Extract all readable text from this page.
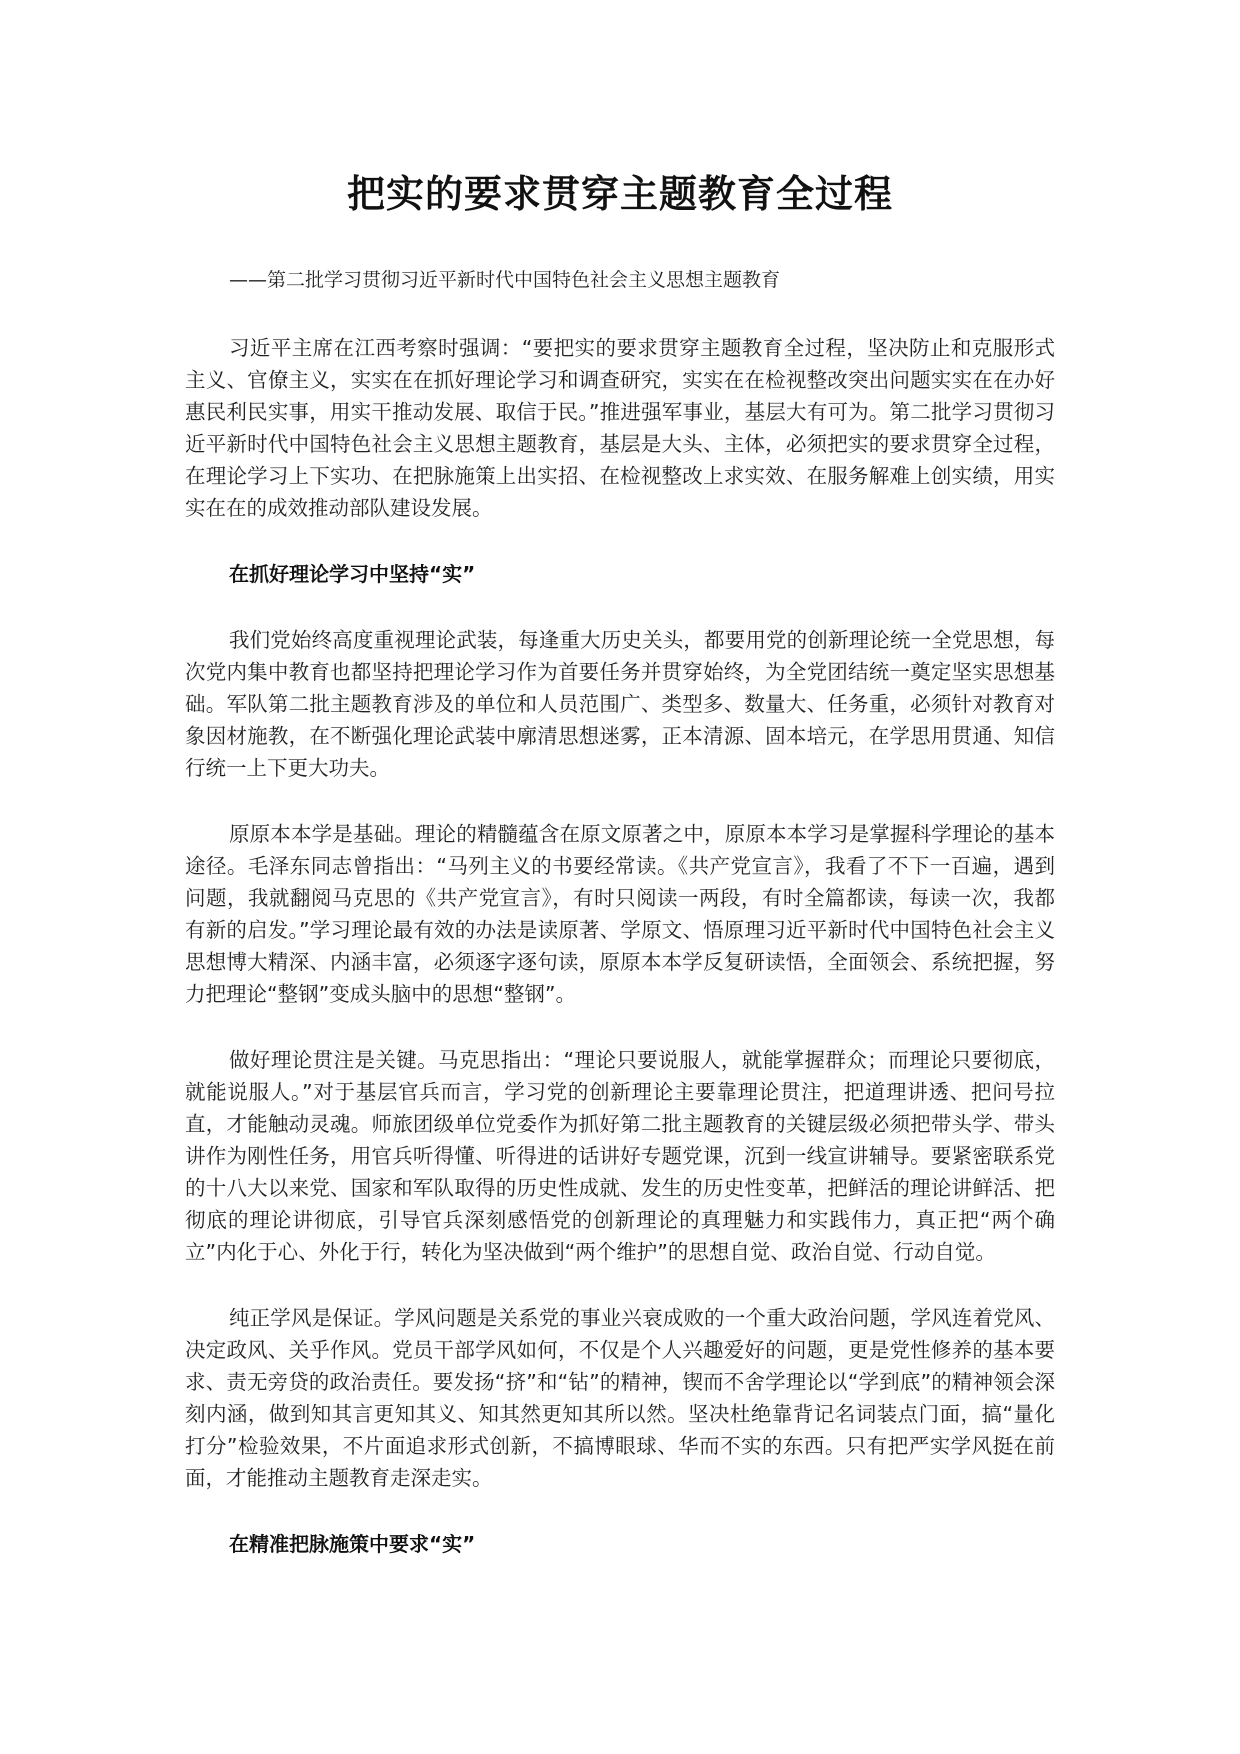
把实的要求贯穿主题教育全过程
——第二批学习贯彻习近平新时代中国特色社会主义思想主题教育

习近平主席在江西考察时强调：“要把实的要求贯穿主题教育全过程，坚决防止和克服形式主义、官僚主义，实实在在抓好理论学习和调查研究，实实在在检视整改突出问题实实在在办好惠民利民实事，用实干推动发展、取信于民。”推进强军事业，基层大有可为。第二批学习贯彻习近平新时代中国特色社会主义思想主题教育，基层是大头、主体，必须把实的要求贯穿全过程，在理论学习上下实功、在把脉施策上出实招、在检视整改上求实效、在服务解难上创实绩，用实实在在的成效推动部队建设发展。

在抓好理论学习中坚持“实”

我们党始终高度重视理论武装，每逢重大历史关头，都要用党的创新理论统一全党思想，每次党内集中教育也都坚持把理论学习作为首要任务并贯穿始终，为全党团结统一奠定坚实思想基础。军队第二批主题教育涉及的单位和人员范围广、类型多、数量大、任务重，必须针对教育对象因材施教，在不断强化理论武装中廓清思想迷雾，正本清源、固本培元，在学思用贯通、知信行统一上下更大功夫。

原原本本学是基础。理论的精髓蕴含在原文原著之中，原原本本学习是掌握科学理论的基本途径。毛泽东同志曾指出：“马列主义的书要经常读。《共产党宣言》，我看了不下一百遍，遇到问题，我就翻阅马克思的《共产党宣言》，有时只阅读一两段，有时全篇都读，每读一次，我都有新的启发。”学习理论最有效的办法是读原著、学原文、悟原理习近平新时代中国特色社会主义思想博大精深、内涵丰富，必须逐字逐句读，原原本本学反复研读悟，全面领会、系统把握，努力把理论“整钢”变成头脑中的思想“整钢”。

做好理论贯注是关键。马克思指出：“理论只要说服人，就能掌握群众；而理论只要彻底，就能说服人。”对于基层官兵而言，学习党的创新理论主要靠理论贯注，把道理讲透、把问号拉直，才能触动灵魂。师旅团级单位党委作为抓好第二批主题教育的关键层级必须把带头学、带头讲作为刚性任务，用官兵听得懂、听得进的话讲好专题党课，沉到一线宣讲辅导。要紧密联系党的十八大以来党、国家和军队取得的历史性成就、发生的历史性变革，把鲜活的理论讲鲜活、把彻底的理论讲彻底，引导官兵深刻感悟党的创新理论的真理魅力和实践伟力，真正把“两个确立”内化于心、外化于行，转化为坚决做到“两个维护”的思想自觉、政治自觉、行动自觉。

纯正学风是保证。学风问题是关系党的事业兴衰成败的一个重大政治问题，学风连着党风、决定政风、关乎作风。党员干部学风如何，不仅是个人兴趣爱好的问题，更是党性修养的基本要求、责无旁贷的政治责任。要发扬“挤”和“钻”的精神，锲而不舍学理论以“学到底”的精神领会深刻内涵，做到知其言更知其义、知其然更知其所以然。坚决杜绝靠背记名词装点门面，搞“量化打分”检验效果，不片面追求形式创新，不搞博眼球、华而不实的东西。只有把严实学风挺在前面，才能推动主题教育走深走实。

在精准把脉施策中要求“实”
